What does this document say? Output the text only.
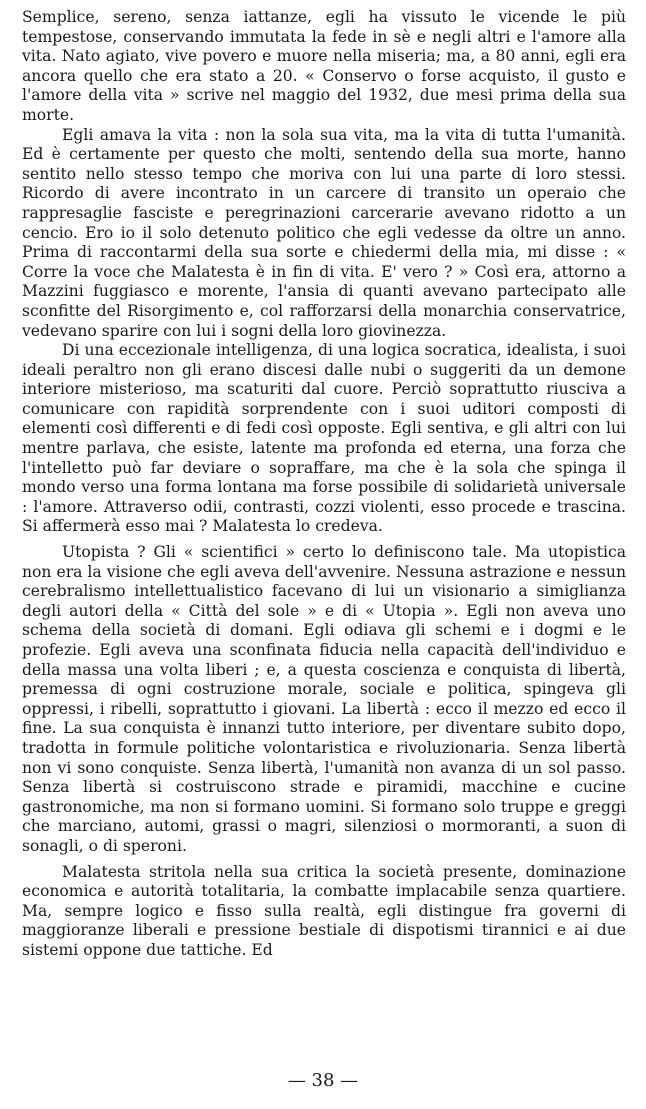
Semplice, sereno, senza iattanze, egli ha vissuto le vicende le più tempestose, conservando immutata la fede in sè e negli altri e l'amore alla vita. Nato agiato, vive povero e muore nella miseria; ma, a 80 anni, egli era ancora quello che era stato a 20. « Conservo o forse acquisto, il gusto e l'amore della vita » scrive nel maggio del 1932, due mesi prima della sua morte.

Egli amava la vita : non la sola sua vita, ma la vita di tutta l'umanità. Ed è certamente per questo che molti, sentendo della sua morte, hanno sentito nello stesso tempo che moriva con lui una parte di loro stessi. Ricordo di avere incontrato in un carcere di transito un operaio che rappresaglie fasciste e peregrinazioni carcerarie avevano ridotto a un cencio. Ero io il solo detenuto politico che egli vedesse da oltre un anno. Prima di raccontarmi della sua sorte e chiedermi della mia, mi disse : « Corre la voce che Malatesta è in fin di vita. E' vero ? » Così era, attorno a Mazzini fuggiasco e morente, l'ansia di quanti avevano partecipato alle sconfitte del Risorgimento e, col rafforzarsi della monarchia conservatrice, vedevano sparire con lui i sogni della loro giovinezza.

Di una eccezionale intelligenza, di una logica socratica, idealista, i suoi ideali peraltro non gli erano discesi dalle nubi o suggeriti da un demone interiore misterioso, ma scaturiti dal cuore. Perciò soprattutto riusciva a comunicare con rapidità sorprendente con i suoi uditori composti di elementi così differenti e di fedi così opposte. Egli sentiva, e gli altri con lui mentre parlava, che esiste, latente ma profonda ed eterna, una forza che l'intelletto può far deviare o sopraffare, ma che è la sola che spinga il mondo verso una forma lontana ma forse possibile di solidarietà universale : l'amore. Attraverso odii, contrasti, cozzi violenti, esso procede e trascina. Si affermerà esso mai ? Malatesta lo credeva.

Utopista ? Gli « scientifici » certo lo definiscono tale. Ma utopistica non era la visione che egli aveva dell'avvenire. Nessuna astrazione e nessun cerebralismo intellettualistico facevano di lui un visionario a simiglianza degli autori della « Città del sole » e di « Utopia ». Egli non aveva uno schema della società di domani. Egli odiava gli schemi e i dogmi e le profezie. Egli aveva una sconfinata fiducia nella capacità dell'individuo e della massa una volta liberi ; e, a questa coscienza e conquista di libertà, premessa di ogni costruzione morale, sociale e politica, spingeva gli oppressi, i ribelli, soprattutto i giovani. La libertà : ecco il mezzo ed ecco il fine. La sua conquista è innanzi tutto interiore, per diventare subito dopo, tradotta in formule politiche volontaristica e rivoluzionaria. Senza libertà non vi sono conquiste. Senza libertà, l'umanità non avanza di un sol passo. Senza libertà si costruiscono strade e piramidi, macchine e cucine gastronomiche, ma non si formano uomini. Si formano solo truppe e greggi che marciano, automi, grassi o magri, silenziosi o mormoranti, a suon di sonagli, o di speroni.

Malatesta stritola nella sua critica la società presente, dominazione economica e autorità totalitaria, la combatte implacabile senza quartiere. Ma, sempre logico e fisso sulla realtà, egli distingue fra governi di maggioranze liberali e pressione bestiale di dispotismi tirannici e ai due sistemi oppone due tattiche. Ed

— 38 —
